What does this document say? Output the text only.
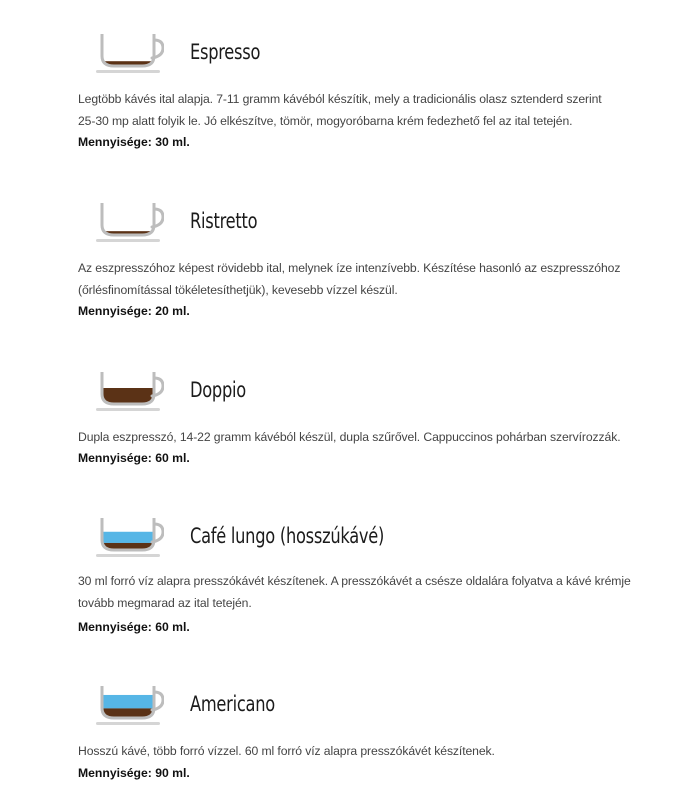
Espresso

Legtöbb kávés ital alapja. 7-11 gramm kávéból készítik, mely a tradicionális olasz sztenderd szerint
25-30 mp alatt folyik le. Jó elkészítve, tömör, mogyoróbarna krém fedezhető fel az ital tetején.

Mennyisége: 30 ml.

Ristretto

Az eszpresszóhoz képest rövidebb ital, melynek íze intenzívebb. Készítése hasonló az eszpresszóhoz
(őrlésfinomítással tökéletesíthetjük), kevesebb vízzel készül.

Mennyisége: 20 ml.

Doppio

Dupla eszpresszó, 14-22 gramm kávéból készül, dupla szűrővel. Cappuccinos pohárban szervírozzák.

Mennyisége: 60 ml.

Café lungo (hosszúkávé)

30 ml forró víz alapra presszókávét készítenek. A presszókávét a csésze oldalára folyatva a kávé krémje
tovább megmarad az ital tetején.

Mennyisége: 60 ml.

Americano

Hosszú kávé, több forró vízzel. 60 ml forró víz alapra presszókávét készítenek.

Mennyisége: 90 ml.
